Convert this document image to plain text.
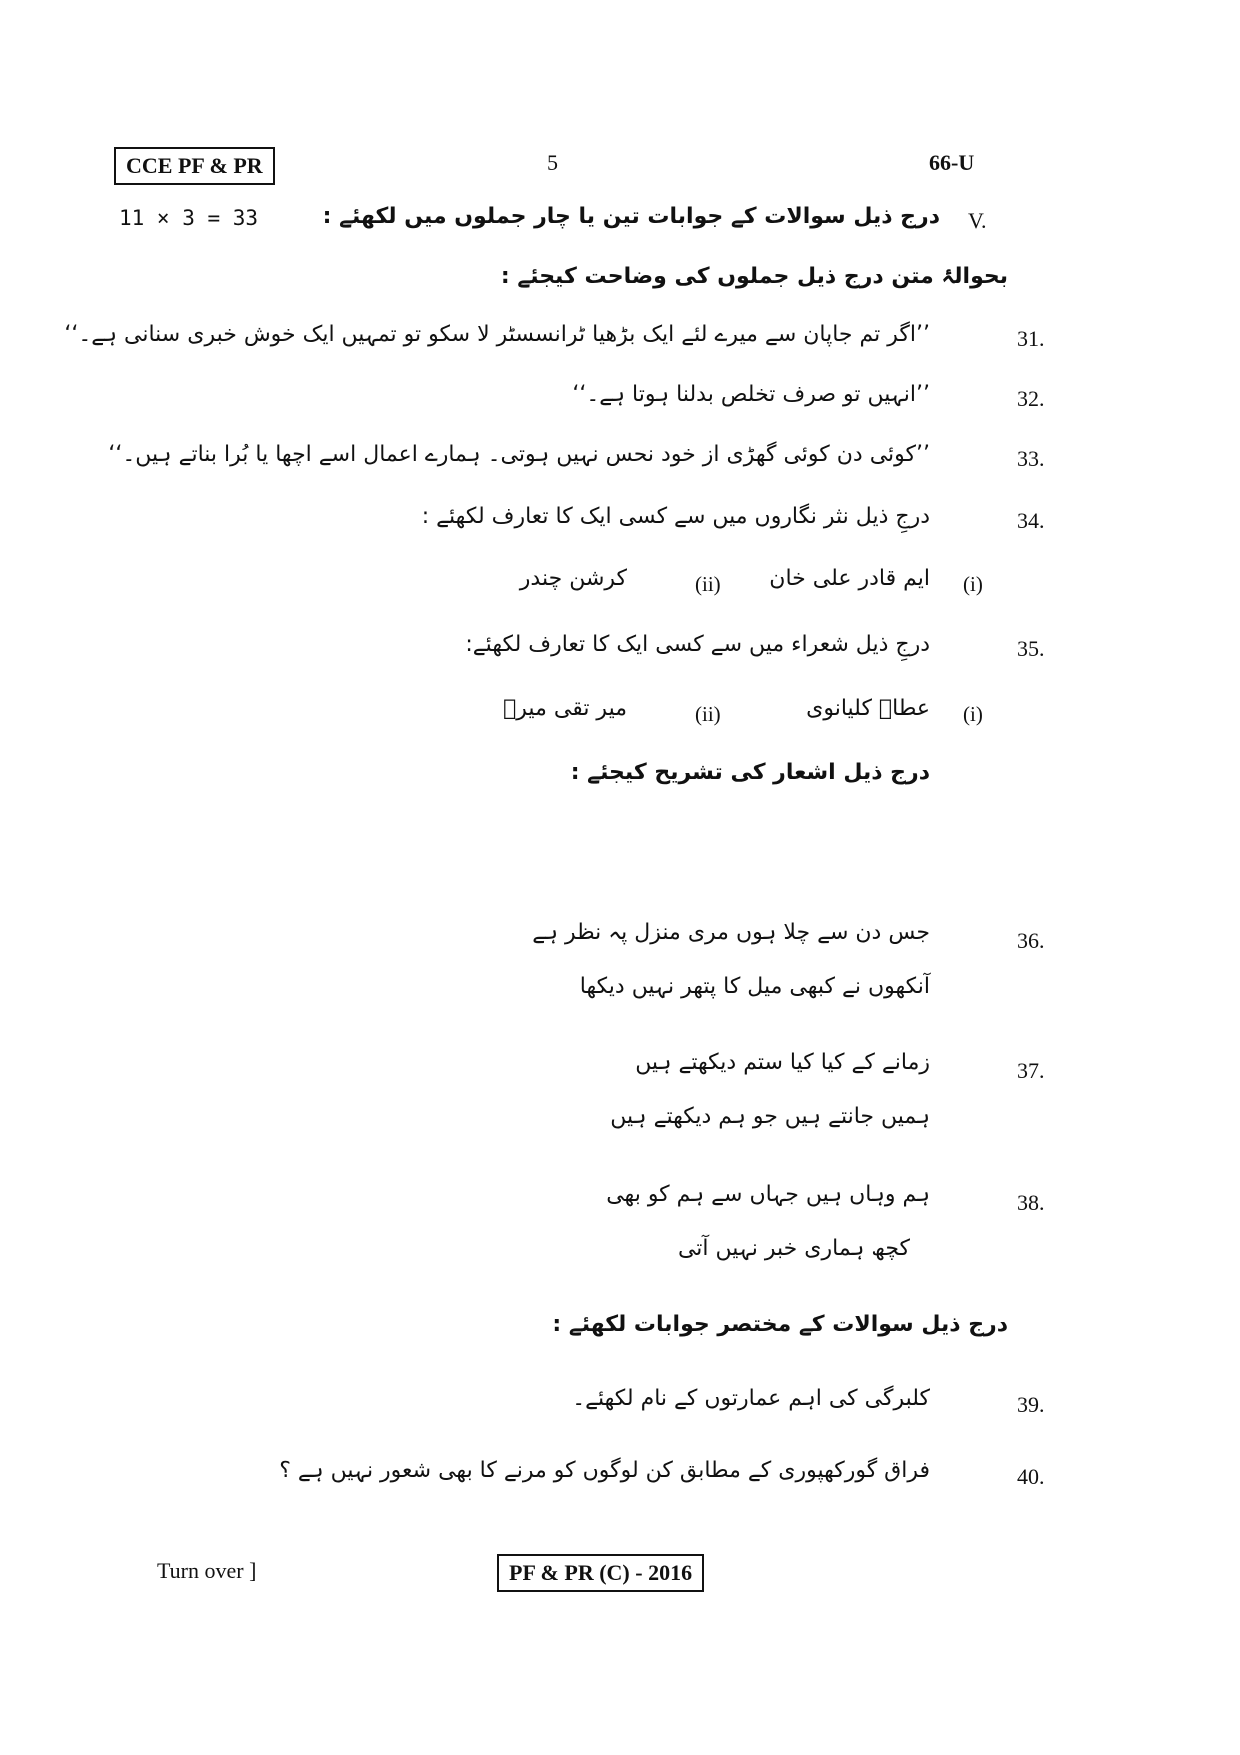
CCE PF & PR	5	66-U
11 × 3 = 33	V.
درج ذیل سوالات کے جوابات تین یا چار جملوں میں لکھئے :
بحوالۂ متن درج ذیل جملوں کی وضاحت کیجئے :
31.
’’اگر تم جاپان سے میرے لئے ایک بڑھیا ٹرانسسٹر لا سکو تو تمہیں ایک خوش خبری سنانی ہے۔‘‘
32.
’’انہیں تو صرف تخلص بدلنا ہوتا ہے۔‘‘
33.
’’کوئی دن کوئی گھڑی از خود نحس نہیں ہوتی۔ ہمارے اعمال اسے اچھا یا بُرا بناتے ہیں۔‘‘
34.
درجِ ذیل نثر نگاروں میں سے کسی ایک کا تعارف لکھئے :
(i)
ایم قادر علی خان
(ii)
کرشن چندر
35.
درجِ ذیل شعراء میں سے کسی ایک کا تعارف لکھئے:
(i)
عطاؔ کلیانوی
(ii)
میر تقی میرؔ
درج ذیل اشعار کی تشریح کیجئے :
36.
جس دن سے چلا ہوں مری منزل پہ نظر ہے
آنکھوں نے کبھی میل کا پتھر نہیں دیکھا
37.
زمانے کے کیا کیا ستم دیکھتے ہیں
ہمیں جانتے ہیں جو ہم دیکھتے ہیں
38.
ہم وہاں ہیں جہاں سے ہم کو بھی
کچھ ہماری خبر نہیں آتی
درج ذیل سوالات کے مختصر جوابات لکھئے :
39.
کلبرگی کی اہم عمارتوں کے نام لکھئے۔
40.
فراق گورکھپوری کے مطابق کن لوگوں کو مرنے کا بھی شعور نہیں ہے ؟
Turn over ]	PF & PR (C) - 2016
